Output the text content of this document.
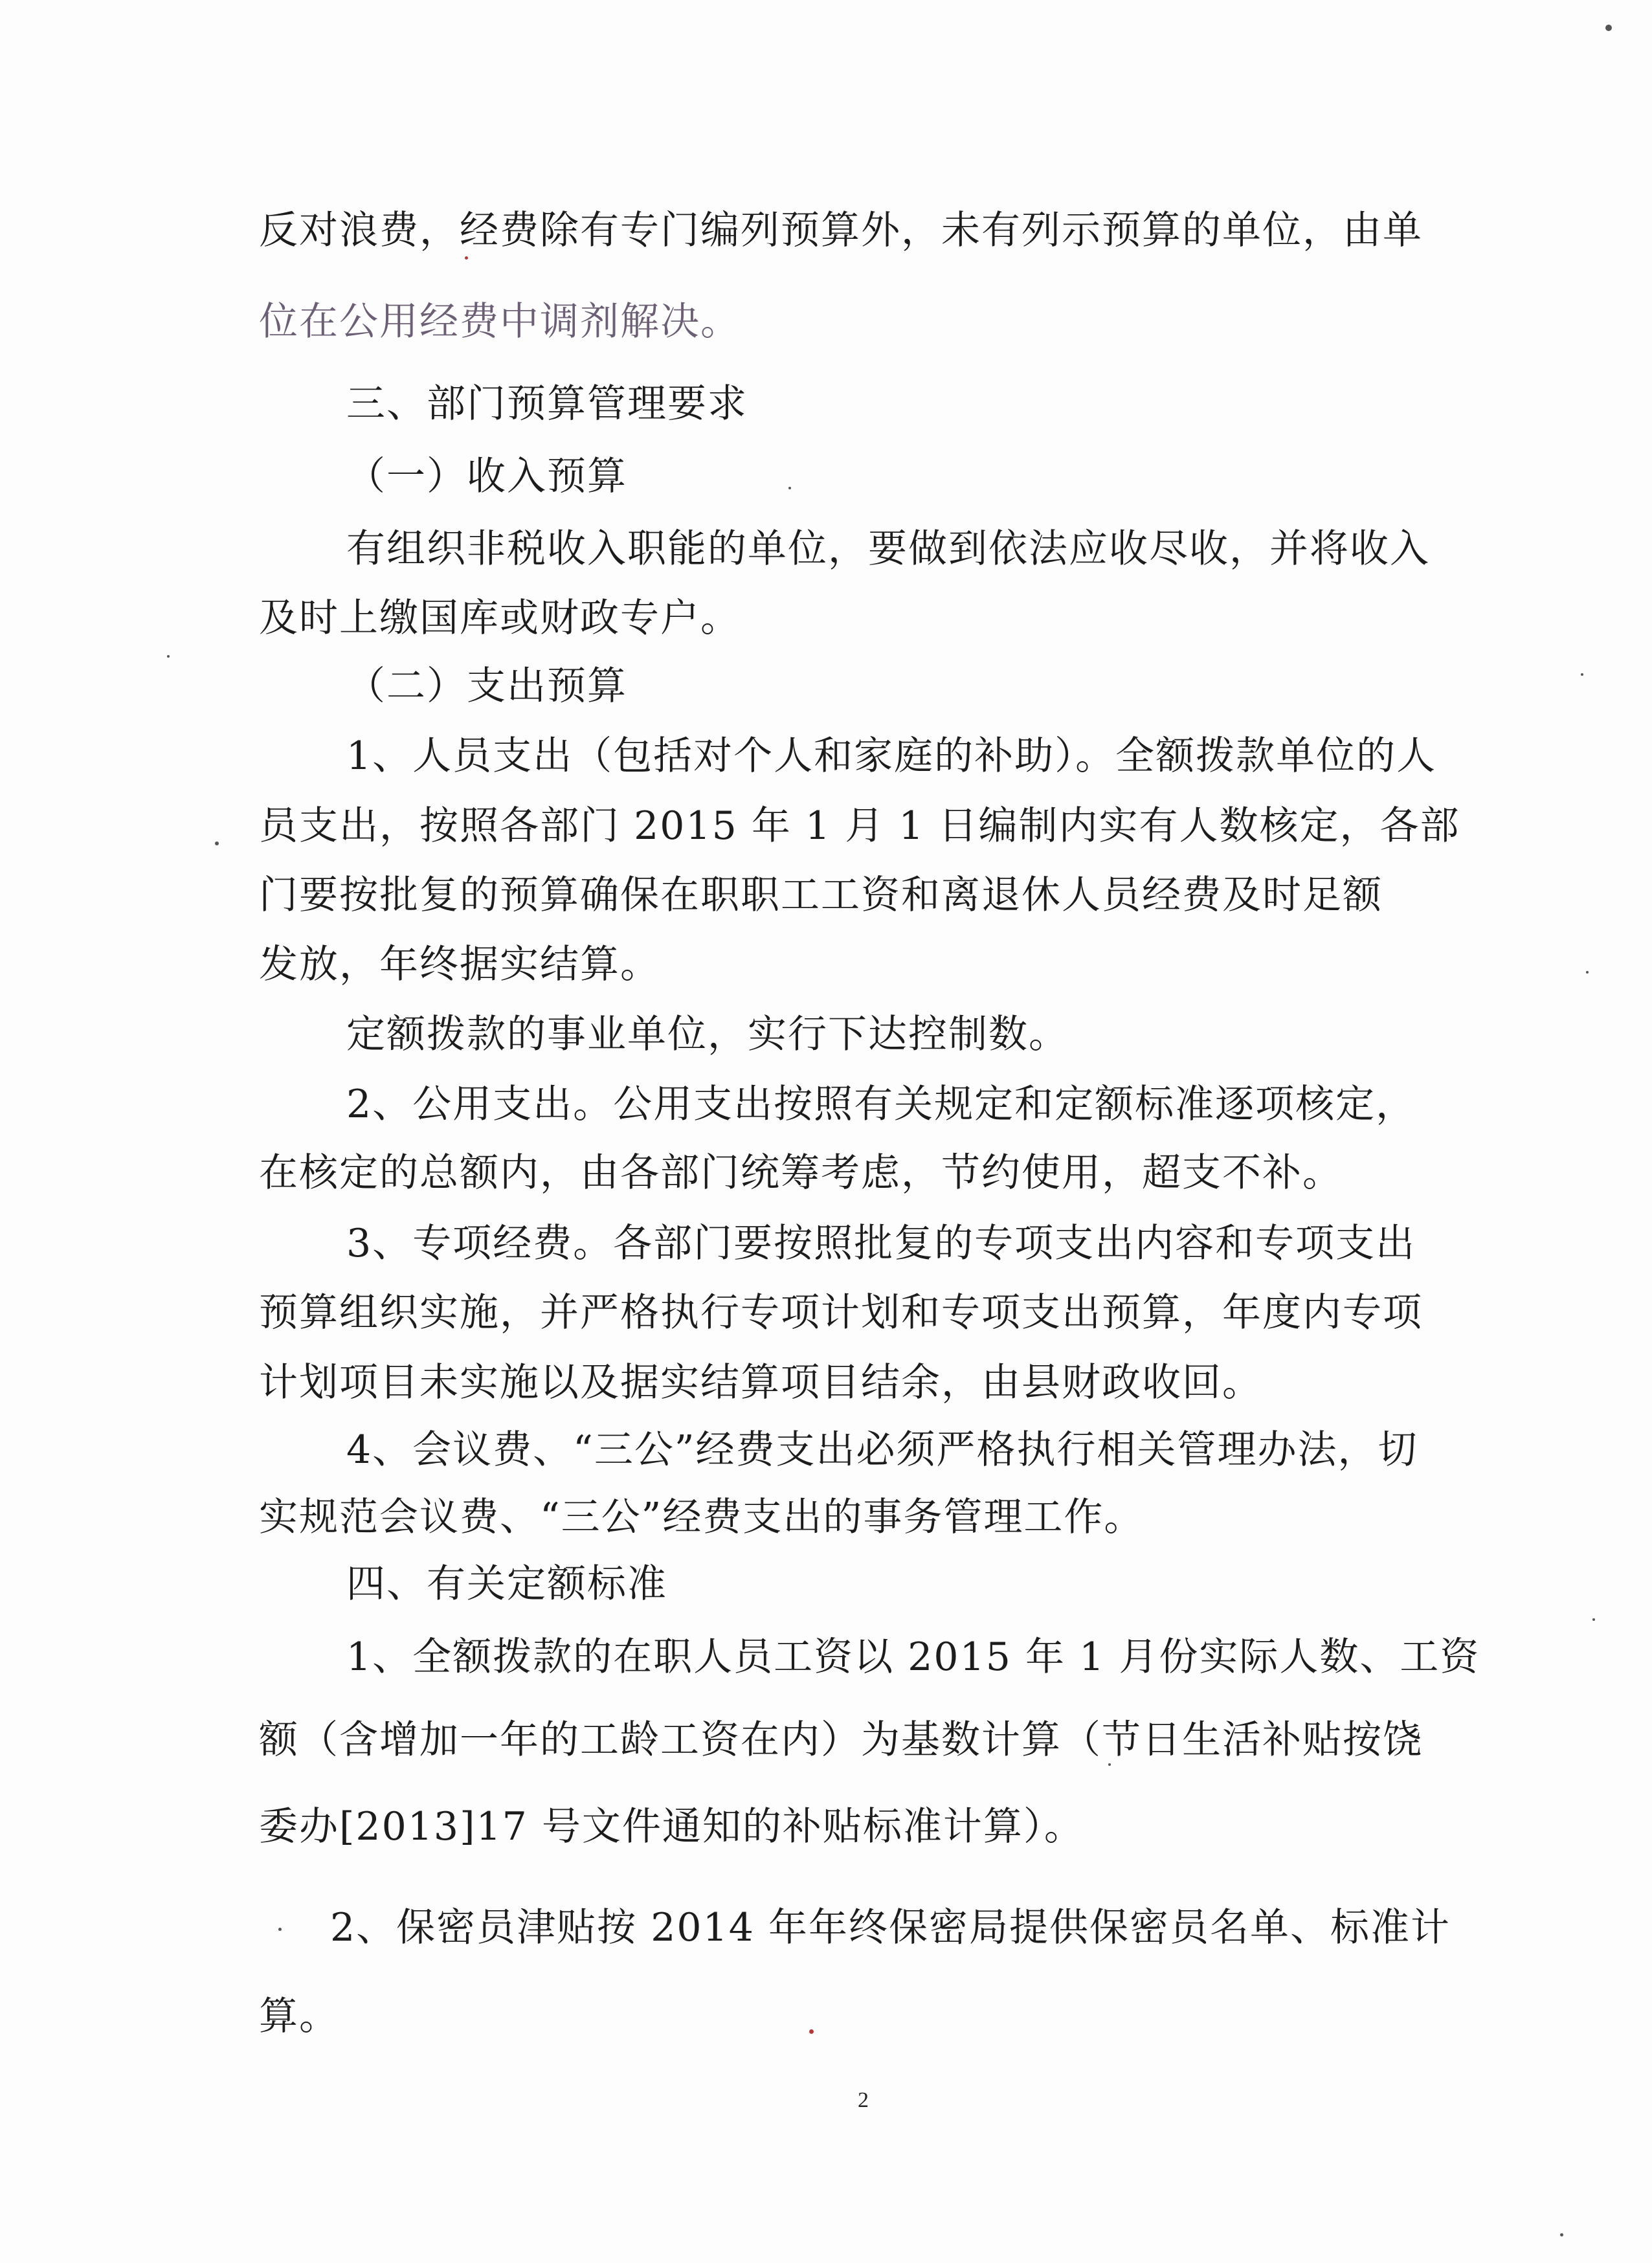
反对浪费，经费除有专门编列预算外，未有列示预算的单位，由单
位在公用经费中调剂解决。
三、部门预算管理要求
（一）收入预算
有组织非税收入职能的单位，要做到依法应收尽收，并将收入
及时上缴国库或财政专户。
（二）支出预算
1、人员支出（包括对个人和家庭的补助）。全额拨款单位的人
员支出，按照各部门 2015 年 1 月 1 日编制内实有人数核定，各部
门要按批复的预算确保在职职工工资和离退休人员经费及时足额
发放，年终据实结算。
定额拨款的事业单位，实行下达控制数。
2、公用支出。公用支出按照有关规定和定额标准逐项核定，
在核定的总额内，由各部门统筹考虑，节约使用，超支不补。
3、专项经费。各部门要按照批复的专项支出内容和专项支出
预算组织实施，并严格执行专项计划和专项支出预算，年度内专项
计划项目未实施以及据实结算项目结余，由县财政收回。
4、会议费、“三公”经费支出必须严格执行相关管理办法，切
实规范会议费、“三公”经费支出的事务管理工作。
四、有关定额标准
1、全额拨款的在职人员工资以 2015 年 1 月份实际人数、工资
额（含增加一年的工龄工资在内）为基数计算（节日生活补贴按饶
委办[2013]17 号文件通知的补贴标准计算）。
2、保密员津贴按 2014 年年终保密局提供保密员名单、标准计
算。
2
